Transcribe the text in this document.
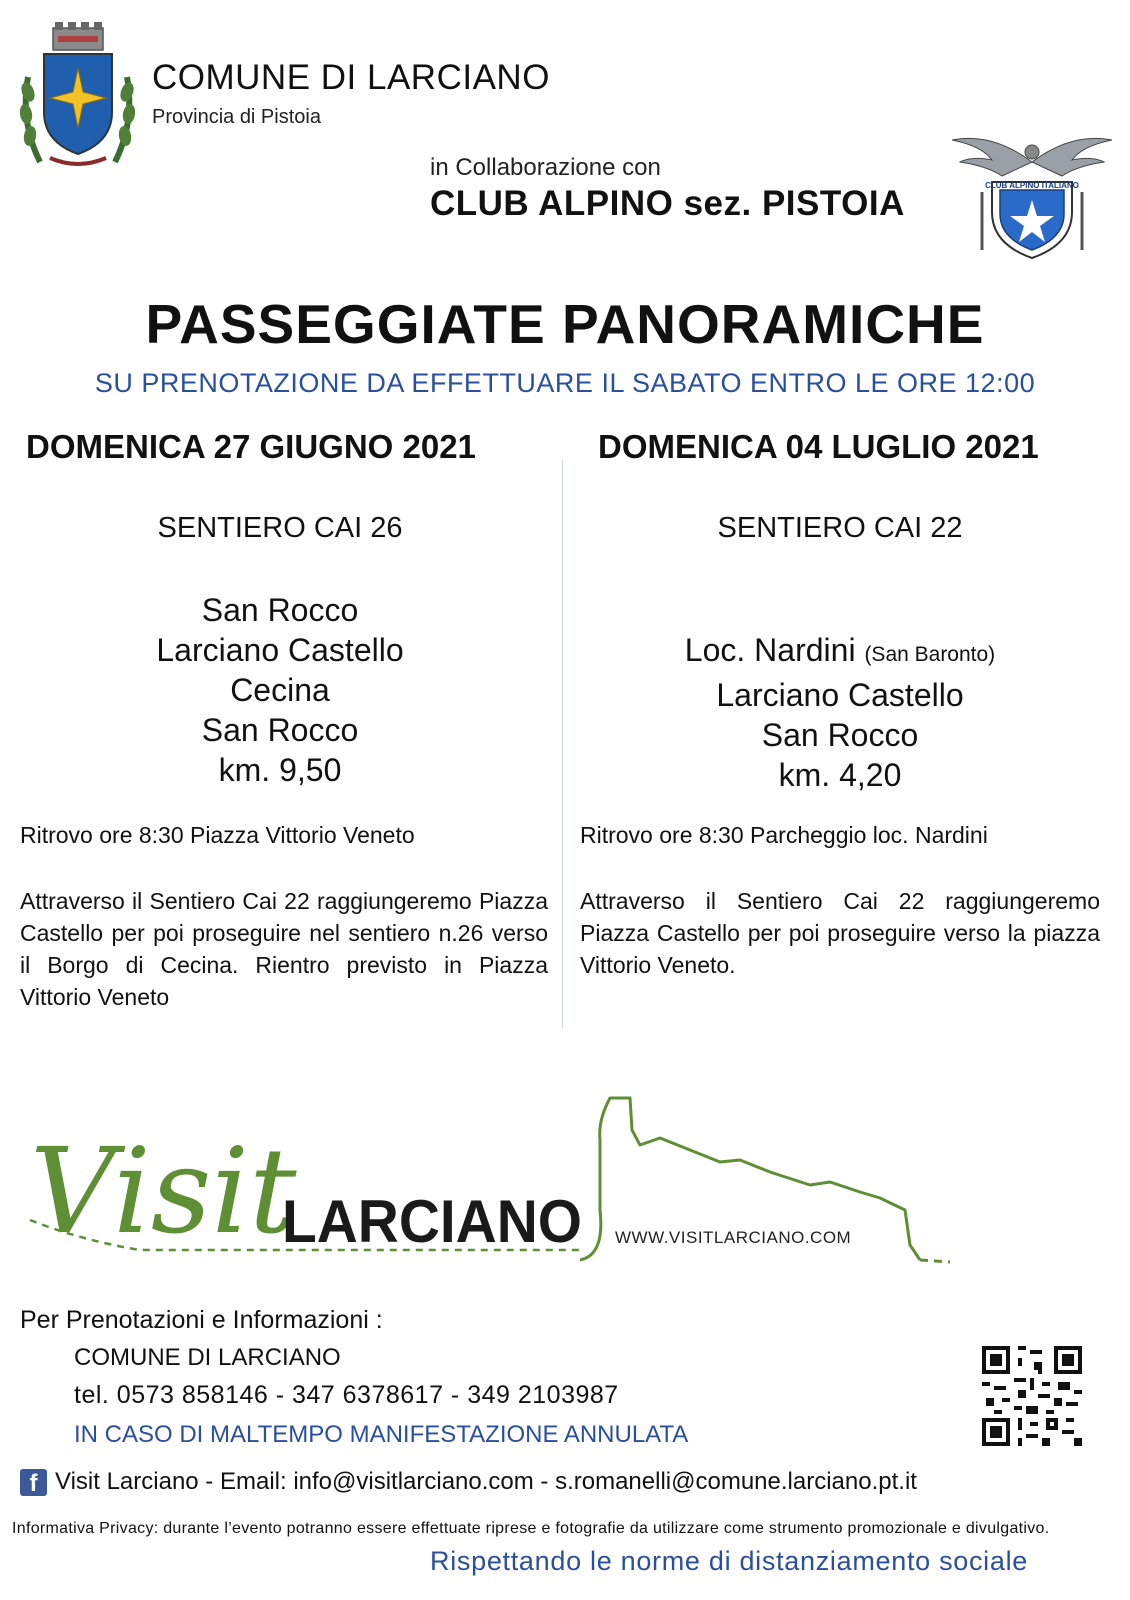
COMUNE DI LARCIANO
Provincia di Pistoia
in Collaborazione con
CLUB ALPINO sez. PISTOIA	CLUB ALPINO ITALIANO
PASSEGGIATE PANORAMICHE
SU PRENOTAZIONE DA EFFETTUARE IL SABATO ENTRO LE ORE 12:00
DOMENICA 27 GIUGNO 2021	DOMENICA 04 LUGLIO 2021
SENTIERO CAI 26
San Rocco
Larciano Castello
Cecina
San Rocco
km. 9,50
Ritrovo ore 8:30 Piazza Vittorio Veneto
Attraverso il Sentiero Cai 22 raggiungeremo Piazza Castello per poi proseguire nel sentiero n.26 verso il Borgo di Cecina. Rientro previsto in Piazza Vittorio Veneto
SENTIERO CAI 22
Loc. Nardini (San Baronto)
Larciano Castello
San Rocco
km. 4,20
Ritrovo ore 8:30 Parcheggio loc. Nardini
Attraverso il Sentiero Cai 22 raggiungeremo Piazza Castello per poi proseguire verso la piazza Vittorio Veneto.
Visit
LARCIANO WWW.VISITLARCIANO.COM
Per Prenotazioni e Informazioni :
COMUNE DI LARCIANO
tel. 0573 858146 - 347 6378617 - 349 2103987
IN CASO DI MALTEMPO MANIFESTAZIONE ANNULATA
f Visit Larciano - Email: info@visitlarciano.com - s.romanelli@comune.larciano.pt.it
Informativa Privacy: durante l’evento potranno essere effettuate riprese e fotografie da utilizzare come strumento promozionale e divulgativo.
Rispettando le norme di distanziamento sociale
